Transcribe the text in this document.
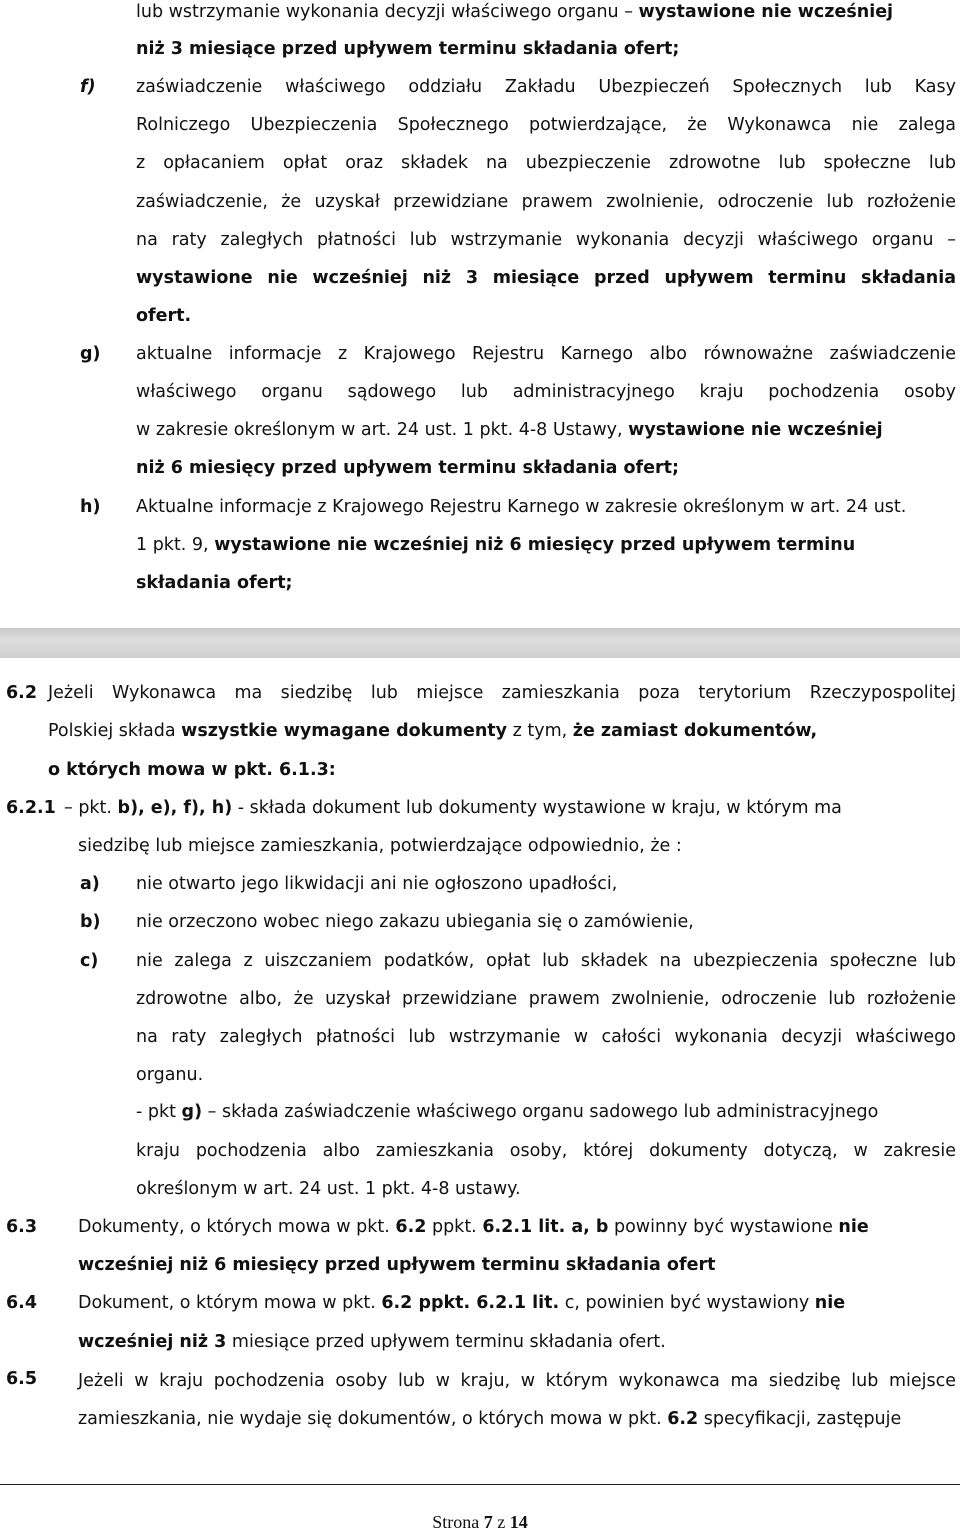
lub wstrzymanie wykonania decyzji właściwego organu – wystawione nie wcześniej
niż 3 miesiące przed upływem terminu składania ofert;
f) zaświadczenie właściwego oddziału Zakładu Ubezpieczeń Społecznych lub Kasy
Rolniczego Ubezpieczenia Społecznego potwierdzające, że Wykonawca nie zalega
z opłacaniem opłat oraz składek na ubezpieczenie zdrowotne lub społeczne lub
zaświadczenie, że uzyskał przewidziane prawem zwolnienie, odroczenie lub rozłożenie
na raty zaległych płatności lub wstrzymanie wykonania decyzji właściwego organu –
wystawione nie wcześniej niż 3 miesiące przed upływem terminu składania
ofert.
g) aktualne informacje z Krajowego Rejestru Karnego albo równoważne zaświadczenie
właściwego organu sądowego lub administracyjnego kraju pochodzenia osoby
w zakresie określonym w art. 24 ust. 1 pkt. 4-8 Ustawy, wystawione nie wcześniej
niż 6 miesięcy przed upływem terminu składania ofert;
h) Aktualne informacje z Krajowego Rejestru Karnego w zakresie określonym w art. 24 ust.
1 pkt. 9, wystawione nie wcześniej niż 6 miesięcy przed upływem terminu
składania ofert;
6.2 Jeżeli Wykonawca ma siedzibę lub miejsce zamieszkania poza terytorium Rzeczypospolitej
Polskiej składa wszystkie wymagane dokumenty z tym, że zamiast dokumentów,
o których mowa w pkt. 6.1.3:
6.2.1 – pkt. b), e), f), h) - składa dokument lub dokumenty wystawione w kraju, w którym ma
siedzibę lub miejsce zamieszkania, potwierdzające odpowiednio, że :
a) nie otwarto jego likwidacji ani nie ogłoszono upadłości,
b) nie orzeczono wobec niego zakazu ubiegania się o zamówienie,
c) nie zalega z uiszczaniem podatków, opłat lub składek na ubezpieczenia społeczne lub
zdrowotne albo, że uzyskał przewidziane prawem zwolnienie, odroczenie lub rozłożenie
na raty zaległych płatności lub wstrzymanie w całości wykonania decyzji właściwego
organu.
- pkt g) – składa zaświadczenie właściwego organu sadowego lub administracyjnego
kraju pochodzenia albo zamieszkania osoby, której dokumenty dotyczą, w zakresie
określonym w art. 24 ust. 1 pkt. 4-8 ustawy.
6.3 Dokumenty, o których mowa w pkt. 6.2 ppkt. 6.2.1 lit. a, b powinny być wystawione nie
wcześniej niż 6 miesięcy przed upływem terminu składania ofert
6.4 Dokument, o którym mowa w pkt. 6.2 ppkt. 6.2.1 lit. c, powinien być wystawiony nie
wcześniej niż 3 miesiące przed upływem terminu składania ofert.
6.5 Jeżeli w kraju pochodzenia osoby lub w kraju, w którym wykonawca ma siedzibę lub miejsce
zamieszkania, nie wydaje się dokumentów, o których mowa w pkt. 6.2 specyfikacji, zastępuje
Strona 7 z 14
